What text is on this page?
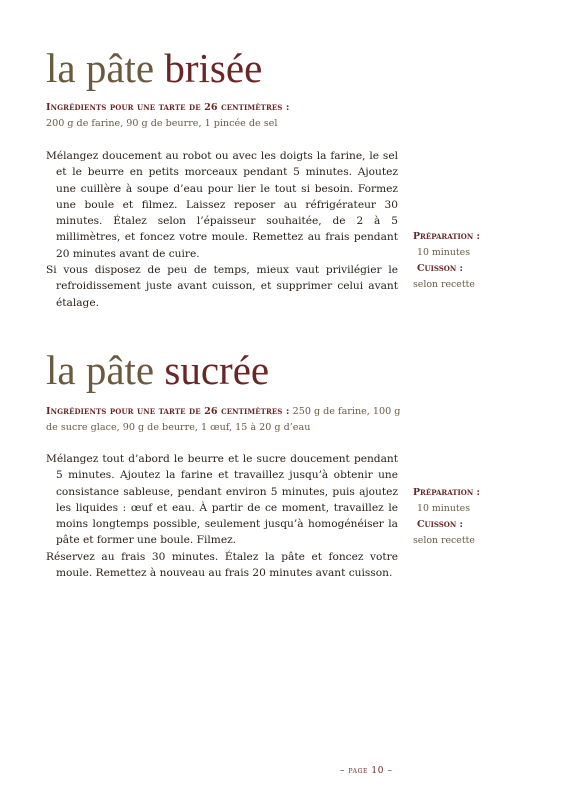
la pâte brisée
Ingrédients pour une tarte de 26 centimètres :
200 g de farine, 90 g de beurre, 1 pincée de sel

Mélangez doucement au robot ou avec les doigts la farine, le sel et le beurre en petits morceaux pendant 5 minutes. Ajoutez une cuillère à soupe d’eau pour lier le tout si besoin. Formez une boule et filmez. Laissez reposer au réfrigérateur 30 minutes. Étalez selon l’épaisseur souhaitée, de 2 à 5 millimètres, et foncez votre moule. Remettez au frais pendant 20 minutes avant de cuire.

Si vous disposez de peu de temps, mieux vaut privilégier le refroidissement juste avant cuisson, et supprimer celui avant étalage.

Préparation :
10 minutes
Cuisson :
selon recette
la pâte sucrée
Ingrédients pour une tarte de 26 centimètres : 250 g de farine, 100 g de sucre glace, 90 g de beurre, 1 œuf, 15 à 20 g d’eau

Mélangez tout d’abord le beurre et le sucre doucement pendant 5 minutes. Ajoutez la farine et travaillez jusqu’à obtenir une consistance sableuse, pendant environ 5 minutes, puis ajoutez les liquides : œuf et eau. À partir de ce moment, travaillez le moins longtemps possible, seulement jusqu’à homogénéiser la pâte et former une boule. Filmez.

Réservez au frais 30 minutes. Étalez la pâte et foncez votre moule. Remettez à nouveau au frais 20 minutes avant cuisson.

Préparation :
10 minutes
Cuisson :
selon recette
– page 10 –
